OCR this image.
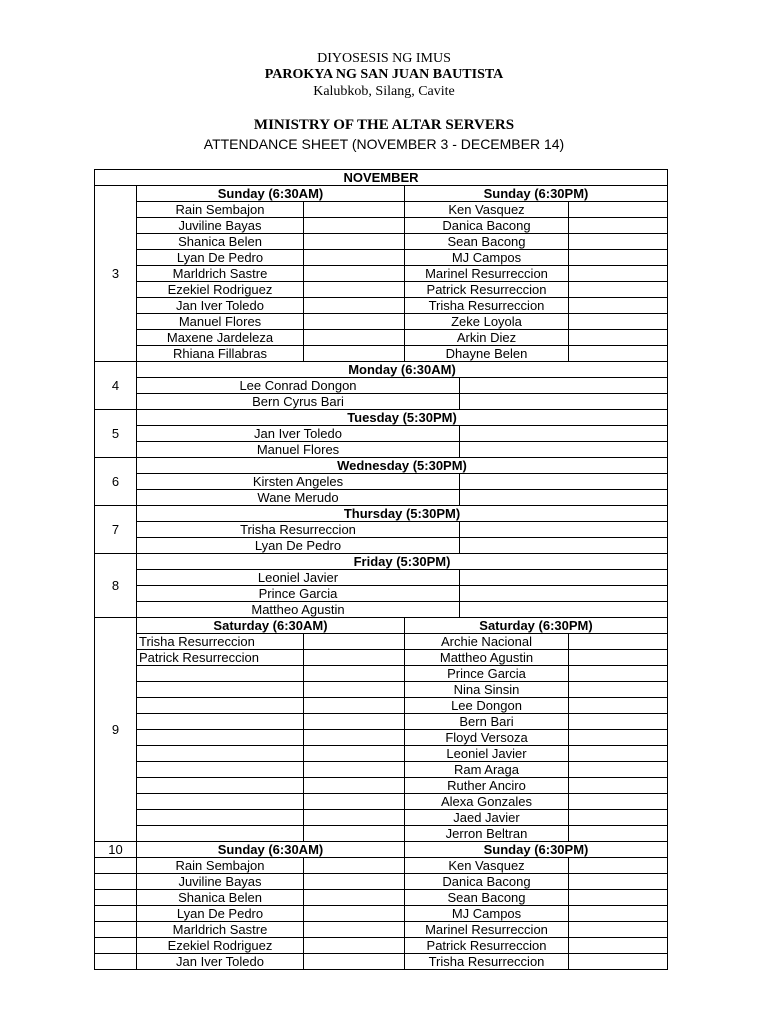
DIYOSESIS NG IMUS
PAROKYA NG SAN JUAN BAUTISTA
Kalubkob, Silang, Cavite
MINISTRY OF THE ALTAR SERVERS
ATTENDANCE SHEET (NOVEMBER 3 - DECEMBER 14)
NOVEMBER					
3	Sunday (6:30AM)		Sunday (6:30PM)		
	Rain Sembajon		Ken Vasquez		
	Juviline Bayas		Danica Bacong		
	Shanica Belen		Sean Bacong		
	Lyan De Pedro		MJ Campos		
	Marldrich Sastre		Marinel Resurreccion		
	Ezekiel Rodriguez		Patrick Resurreccion		
	Jan Iver Toledo		Trisha Resurreccion		
	Manuel Flores		Zeke Loyola		
	Maxene Jardeleza		Arkin Diez		
	Rhiana Fillabras		Dhayne Belen		
4	Monday (6:30AM)				
	Lee Conrad Dongon				
	Bern Cyrus Bari				
5	Tuesday (5:30PM)				
	Jan Iver Toledo				
	Manuel Flores				
6	Wednesday (5:30PM)				
	Kirsten Angeles				
	Wane Merudo				
7	Thursday (5:30PM)				
	Trisha Resurreccion				
	Lyan De Pedro				
8	Friday (5:30PM)				
	Leoniel Javier				
	Prince Garcia				
	Mattheo Agustin				
9	Saturday (6:30AM)		Saturday (6:30PM)		
	Trisha Resurreccion		Archie Nacional		
	Patrick Resurreccion		Mattheo Agustin		
			Prince Garcia		
			Nina Sinsin		
			Lee Dongon		
			Bern Bari		
			Floyd Versoza		
			Leoniel Javier		
			Ram Araga		
			Ruther Anciro		
			Alexa Gonzales		
			Jaed Javier		
			Jerron Beltran		
10	Sunday (6:30AM)		Sunday (6:30PM)		
	Rain Sembajon		Ken Vasquez		
	Juviline Bayas		Danica Bacong		
	Shanica Belen		Sean Bacong		
	Lyan De Pedro		MJ Campos		
	Marldrich Sastre		Marinel Resurreccion		
	Ezekiel Rodriguez		Patrick Resurreccion		
	Jan Iver Toledo		Trisha Resurreccion		
